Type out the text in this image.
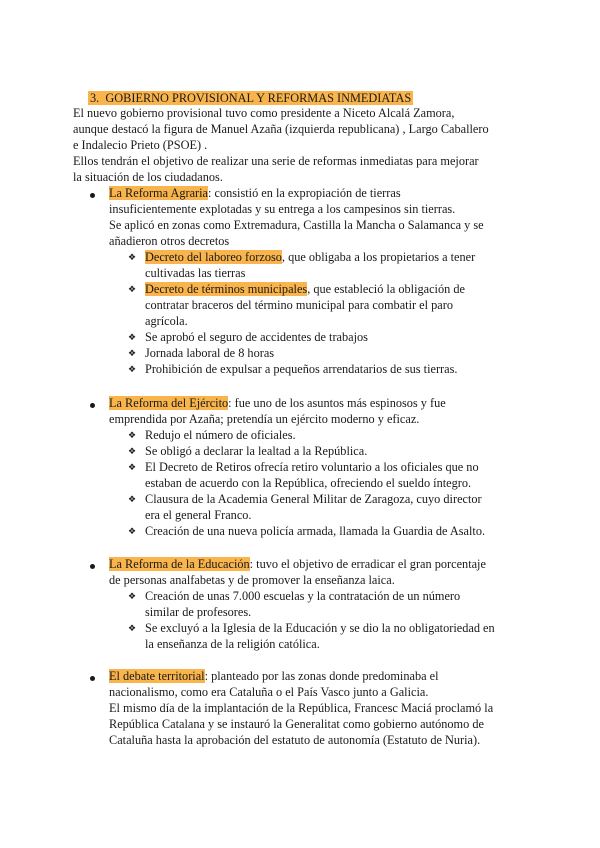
3. GOBIERNO PROVISIONAL Y REFORMAS INMEDIATAS
El nuevo gobierno provisional tuvo como presidente a Niceto Alcalá Zamora,
aunque destacó la figura de Manuel Azaña (izquierda republicana) , Largo Caballero
e Indalecio Prieto (PSOE) .
Ellos tendrán el objetivo de realizar una serie de reformas inmediatas para mejorar
la situación de los ciudadanos.
La Reforma Agraria: consistió en la expropiación de tierras
insuficientemente explotadas y su entrega a los campesinos sin tierras.
Se aplicó en zonas como Extremadura, Castilla la Mancha o Salamanca y se
añadieron otros decretos
❖ Decreto del laboreo forzoso, que obligaba a los propietarios a tener
cultivadas las tierras
❖ Decreto de términos municipales, que estableció la obligación de
contratar braceros del término municipal para combatir el paro
agrícola.
❖ Se aprobó el seguro de accidentes de trabajos
❖ Jornada laboral de 8 horas
❖ Prohibición de expulsar a pequeños arrendatarios de sus tierras.
La Reforma del Ejército: fue uno de los asuntos más espinosos y fue
emprendida por Azaña; pretendía un ejército moderno y eficaz.
❖ Redujo el número de oficiales.
❖ Se obligó a declarar la lealtad a la República.
❖ El Decreto de Retiros ofrecía retiro voluntario a los oficiales que no
estaban de acuerdo con la República, ofreciendo el sueldo íntegro.
❖ Clausura de la Academia General Militar de Zaragoza, cuyo director
era el general Franco.
❖ Creación de una nueva policía armada, llamada la Guardia de Asalto.
La Reforma de la Educación: tuvo el objetivo de erradicar el gran porcentaje
de personas analfabetas y de promover la enseñanza laica.
❖ Creación de unas 7.000 escuelas y la contratación de un número
similar de profesores.
❖ Se excluyó a la Iglesia de la Educación y se dio la no obligatoriedad en
la enseñanza de la religión católica.
El debate territorial: planteado por las zonas donde predominaba el
nacionalismo, como era Cataluña o el País Vasco junto a Galicia.
El mismo día de la implantación de la República, Francesc Maciá proclamó la
República Catalana y se instauró la Generalitat como gobierno autónomo de
Cataluña hasta la aprobación del estatuto de autonomía (Estatuto de Nuria).
